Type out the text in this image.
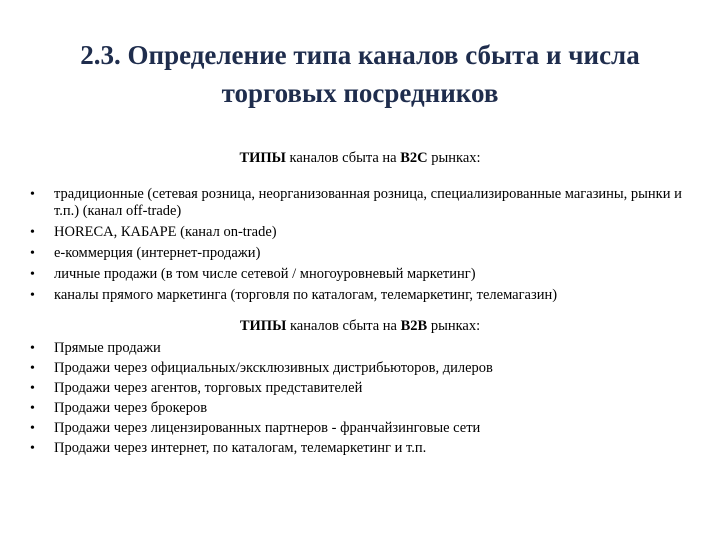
2.3. Определение типа каналов сбыта и числа
торговых посредников

ТИПЫ каналов сбыта на B2C рынках:

• традиционные (сетевая розница, неорганизованная розница, специализированные магазины, рынки и т.п.) (канал off-trade)
• HORECA, КАБАРЕ (канал on-trade)
• e-коммерция (интернет-продажи)
• личные продажи (в том числе сетевой / многоуровневый маркетинг)
• каналы прямого маркетинга (торговля по каталогам, телемаркетинг, телемагазин)

ТИПЫ каналов сбыта на B2B рынках:

• Прямые продажи
• Продажи через официальных/эксклюзивных дистрибьюторов, дилеров
• Продажи через агентов, торговых представителей
• Продажи через брокеров
• Продажи через лицензированных партнеров - франчайзинговые сети
• Продажи через интернет, по каталогам, телемаркетинг и т.п.
